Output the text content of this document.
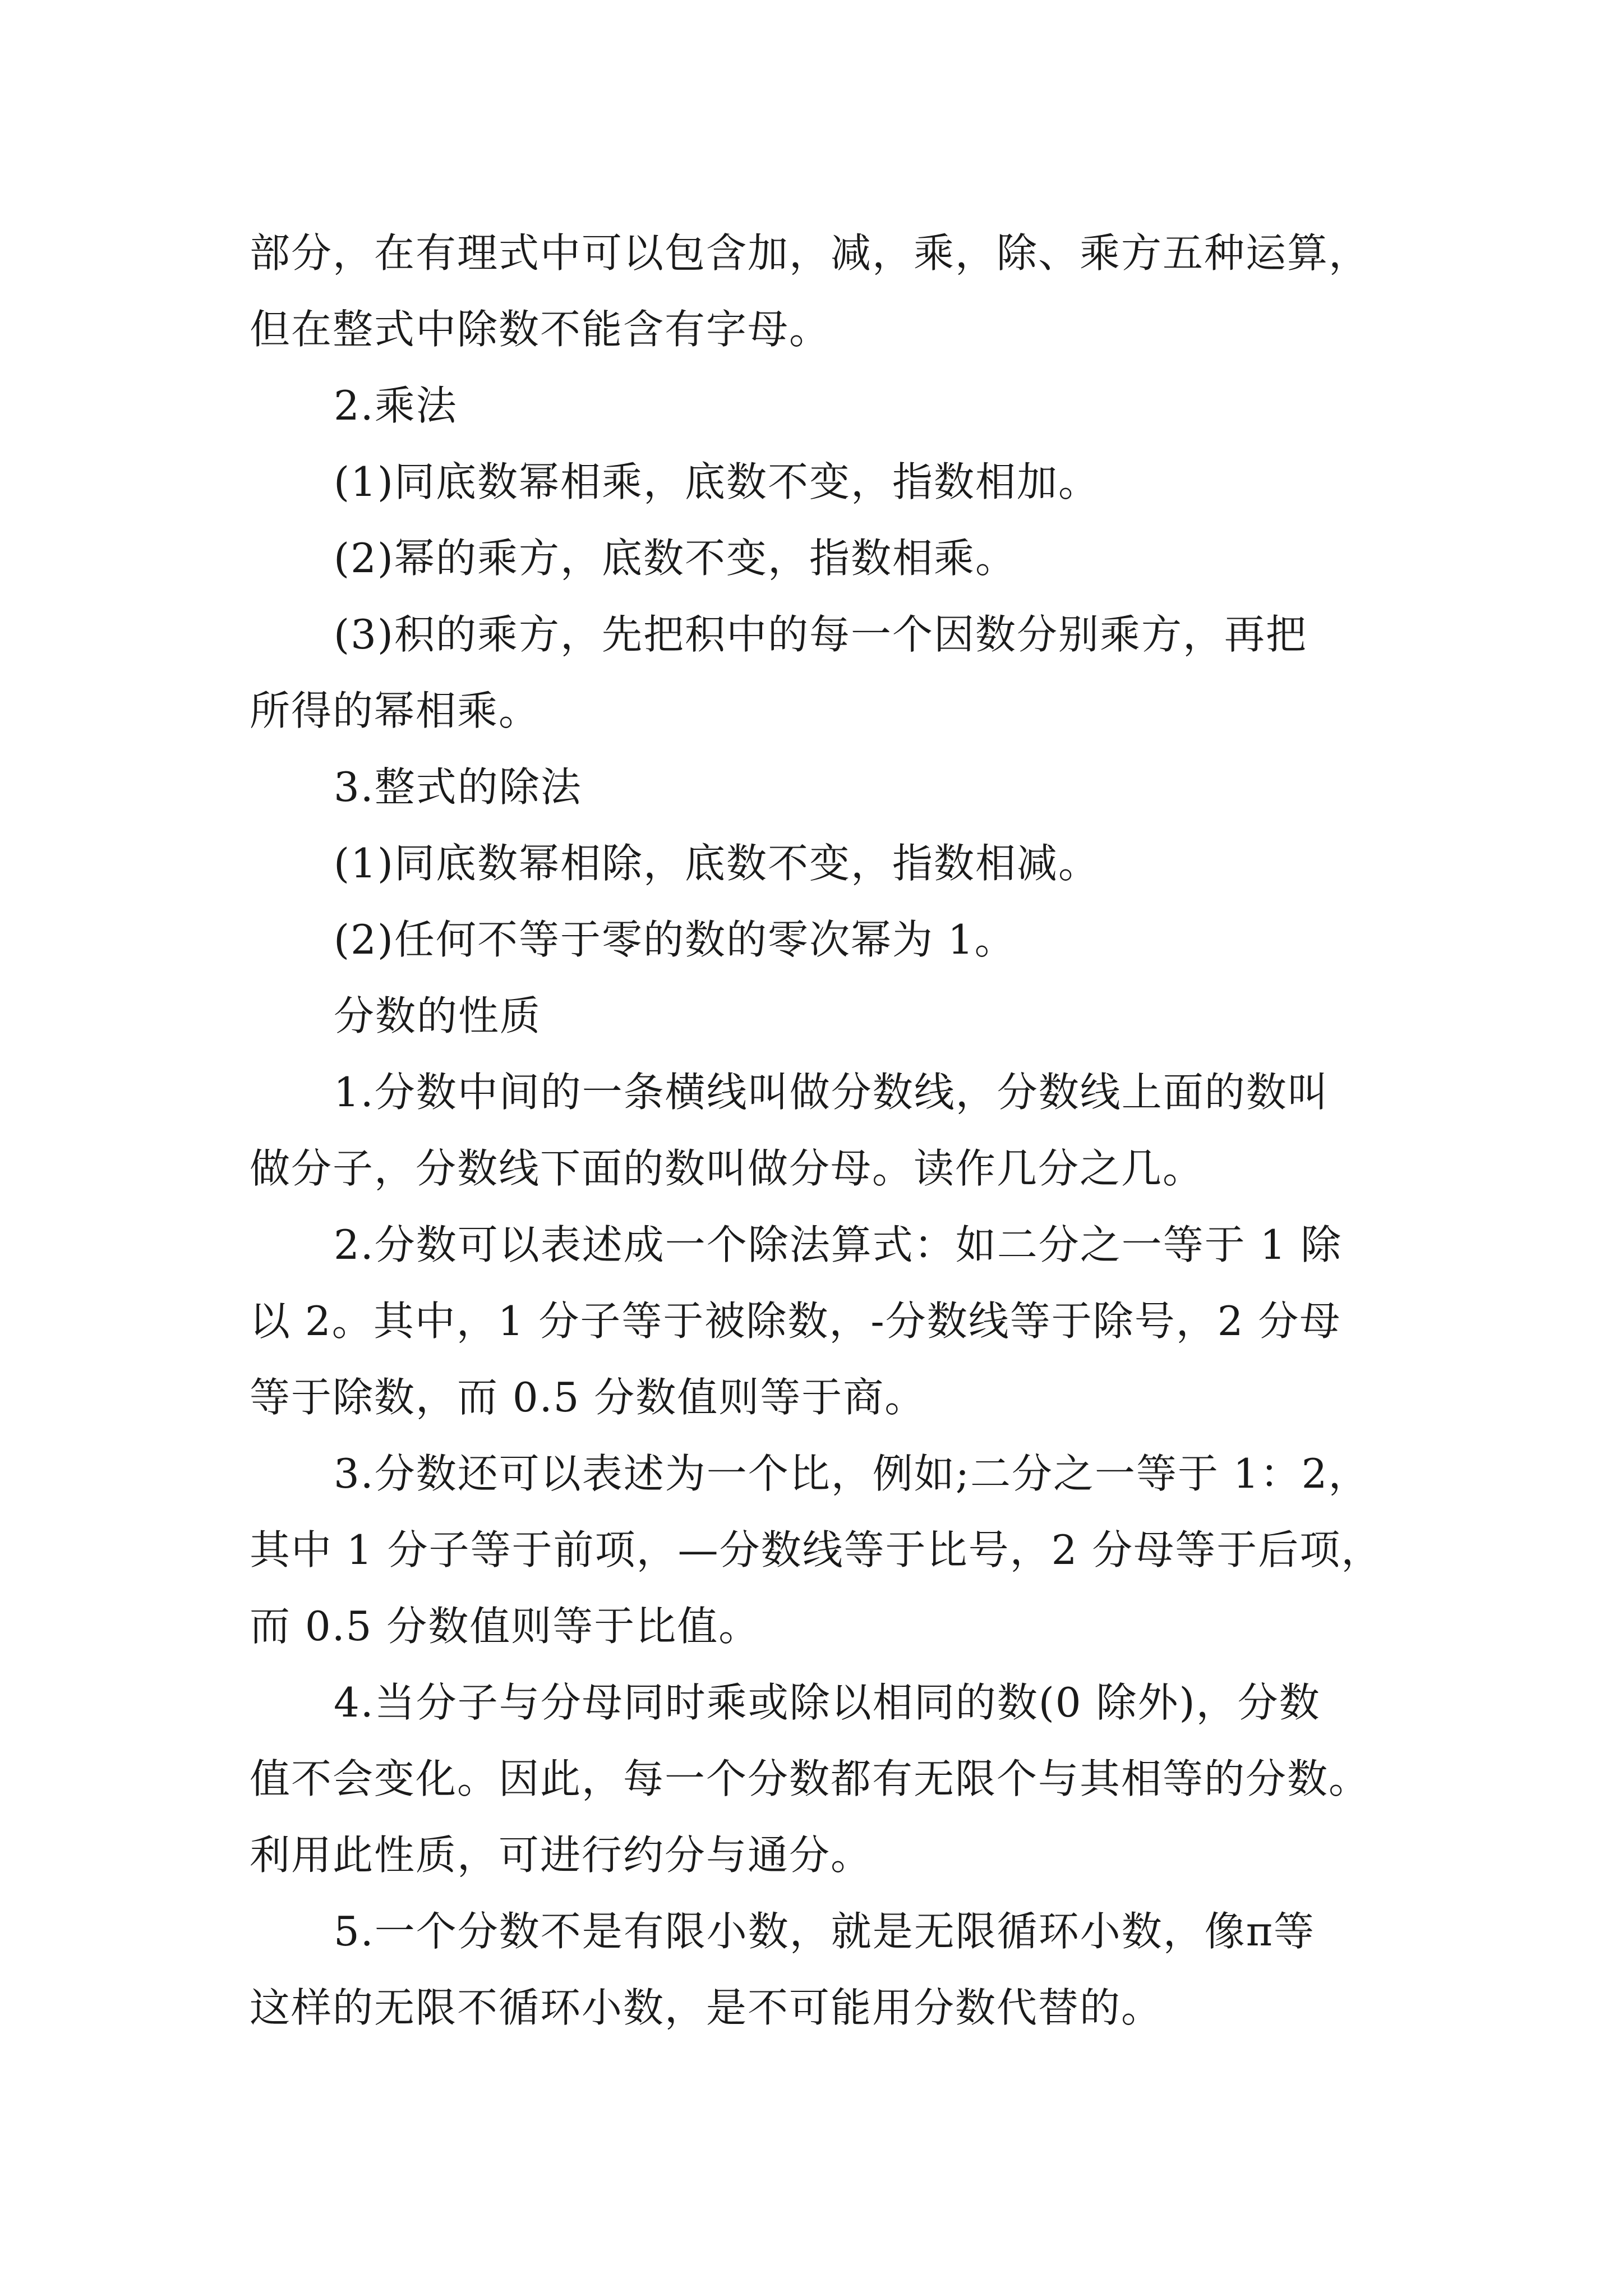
部分，在有理式中可以包含加，减，乘，除、乘方五种运算，
但在整式中除数不能含有字母。
2.乘法
(1)同底数幂相乘，底数不变，指数相加。
(2)幂的乘方，底数不变，指数相乘。
(3)积的乘方，先把积中的每一个因数分别乘方，再把
所得的幂相乘。
3.整式的除法
(1)同底数幂相除，底数不变，指数相减。
(2)任何不等于零的数的零次幂为 1。
分数的性质
1.分数中间的一条横线叫做分数线，分数线上面的数叫
做分子，分数线下面的数叫做分母。读作几分之几。
2.分数可以表述成一个除法算式：如二分之一等于 1 除
以 2。其中，1 分子等于被除数，-分数线等于除号，2 分母
等于除数，而 0.5 分数值则等于商。
3.分数还可以表述为一个比，例如;二分之一等于 1：2，
其中 1 分子等于前项，—分数线等于比号，2 分母等于后项，
而 0.5 分数值则等于比值。
4.当分子与分母同时乘或除以相同的数(0 除外)，分数
值不会变化。因此，每一个分数都有无限个与其相等的分数。
利用此性质，可进行约分与通分。
5.一个分数不是有限小数，就是无限循环小数，像π等
这样的无限不循环小数，是不可能用分数代替的。
